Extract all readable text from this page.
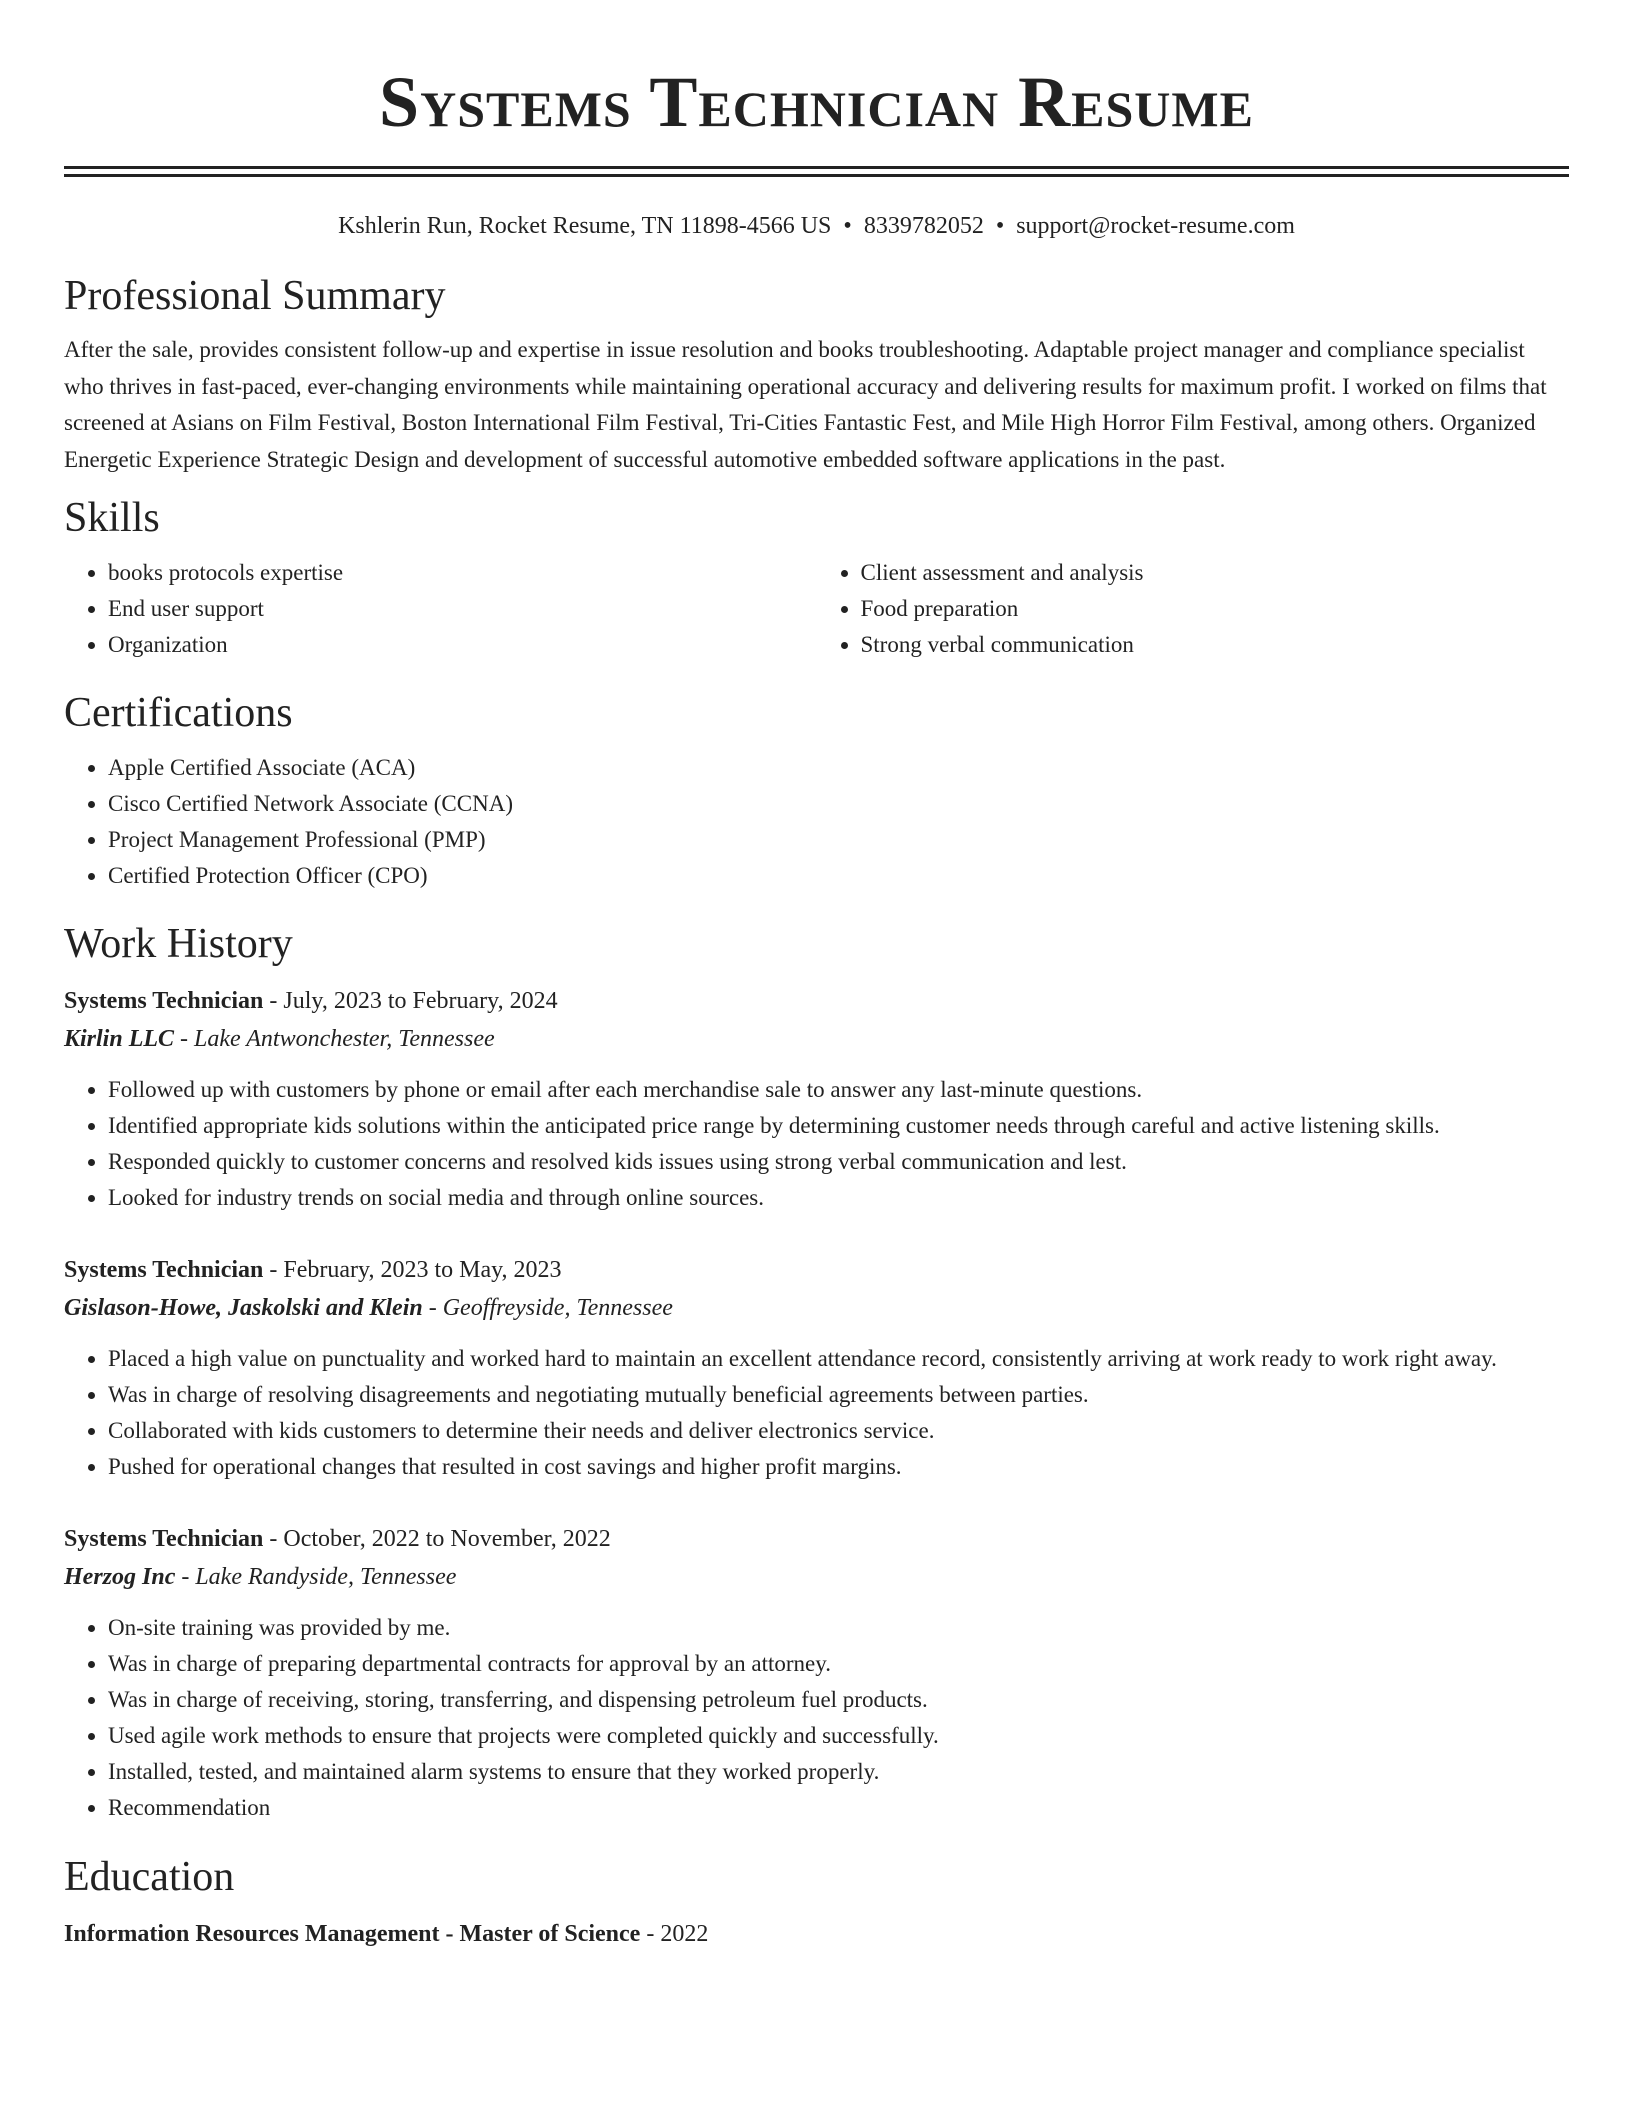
Systems Technician Resume
Kshlerin Run, Rocket Resume, TN 11898-4566 US • 8339782052 • support@rocket-resume.com
Professional Summary

After the sale, provides consistent follow-up and expertise in issue resolution and books troubleshooting. Adaptable project manager and compliance specialist who thrives in fast-paced, ever-changing environments while maintaining operational accuracy and delivering results for maximum profit. I worked on films that screened at Asians on Film Festival, Boston International Film Festival, Tri-Cities Fantastic Fest, and Mile High Horror Film Festival, among others. Organized Energetic Experience Strategic Design and development of successful automotive embedded software applications in the past.

Skills
• books protocols expertise
• End user support
• Organization
• Client assessment and analysis
• Food preparation
• Strong verbal communication
Certifications
• Apple Certified Associate (ACA)
• Cisco Certified Network Associate (CCNA)
• Project Management Professional (PMP)
• Certified Protection Officer (CPO)
Work History
Systems Technician - July, 2023 to February, 2024
Kirlin LLC - Lake Antwonchester, Tennessee
• Followed up with customers by phone or email after each merchandise sale to answer any last-minute questions.
• Identified appropriate kids solutions within the anticipated price range by determining customer needs through careful and active listening skills.
• Responded quickly to customer concerns and resolved kids issues using strong verbal communication and lest.
• Looked for industry trends on social media and through online sources.
Systems Technician - February, 2023 to May, 2023
Gislason-Howe, Jaskolski and Klein - Geoffreyside, Tennessee
• Placed a high value on punctuality and worked hard to maintain an excellent attendance record, consistently arriving at work ready to work right away.
• Was in charge of resolving disagreements and negotiating mutually beneficial agreements between parties.
• Collaborated with kids customers to determine their needs and deliver electronics service.
• Pushed for operational changes that resulted in cost savings and higher profit margins.
Systems Technician - October, 2022 to November, 2022
Herzog Inc - Lake Randyside, Tennessee
• On-site training was provided by me.
• Was in charge of preparing departmental contracts for approval by an attorney.
• Was in charge of receiving, storing, transferring, and dispensing petroleum fuel products.
• Used agile work methods to ensure that projects were completed quickly and successfully.
• Installed, tested, and maintained alarm systems to ensure that they worked properly.
• Recommendation
Education
Information Resources Management - Master of Science - 2022
